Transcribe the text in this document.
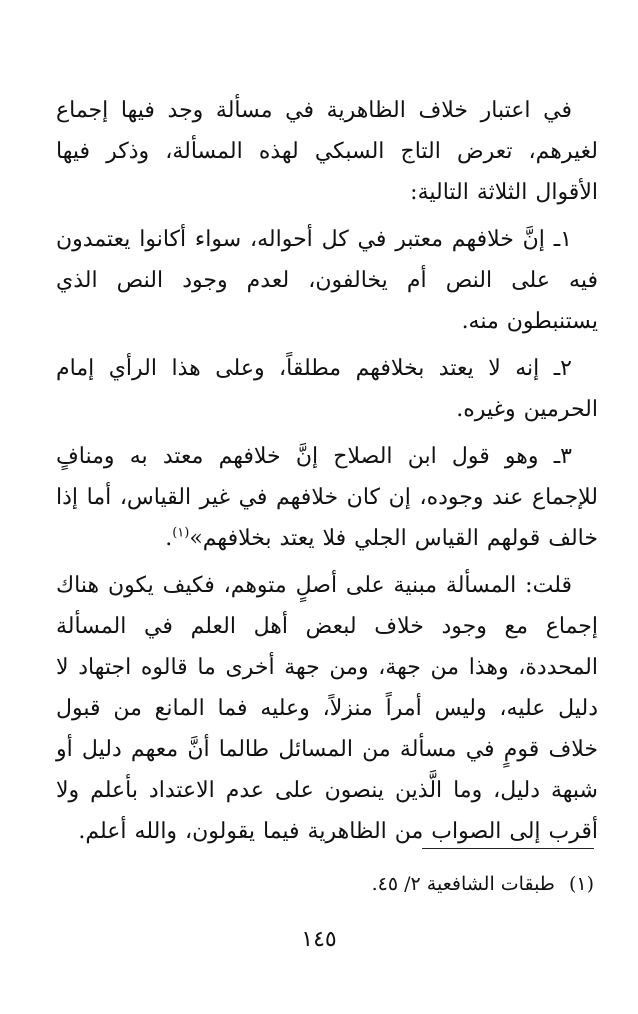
في اعتبار خلاف الظاهرية في مسألة وجد فيها إجماع لغيرهم، تعرض التاج السبكي لهذه المسألة، وذكر فيها الأقوال الثلاثة التالية:

١ـ إنَّ خلافهم معتبر في كل أحواله، سواء أكانوا يعتمدون فيه على النص أم يخالفون، لعدم وجود النص الذي يستنبطون منه.

٢ـ إنه لا يعتد بخلافهم مطلقاً، وعلى هذا الرأي إمام الحرمين وغيره.

٣ـ وهو قول ابن الصلاح إنَّ خلافهم معتد به ومنافٍ للإجماع عند وجوده، إن كان خلافهم في غير القياس، أما إذا خالف قولهم القياس الجلي فلا يعتد بخلافهم»$^{(١)}$.

قلت: المسألة مبنية على أصلٍ متوهم، فكيف يكون هناك إجماع مع وجود خلاف لبعض أهل العلم في المسألة المحددة، وهذا من جهة، ومن جهة أخرى ما قالوه اجتهاد لا دليل عليه، وليس أمراً منزلاً، وعليه فما المانع من قبول خلاف قومٍ في مسألة من المسائل طالما أنَّ معهم دليل أو شبهة دليل، وما الَّذين ينصون على عدم الاعتداد بأعلم ولا أقرب إلى الصواب من الظاهرية فيما يقولون، والله أعلم.

(١)طبقات الشافعية ٢/ ٤٥.
١٤٥
